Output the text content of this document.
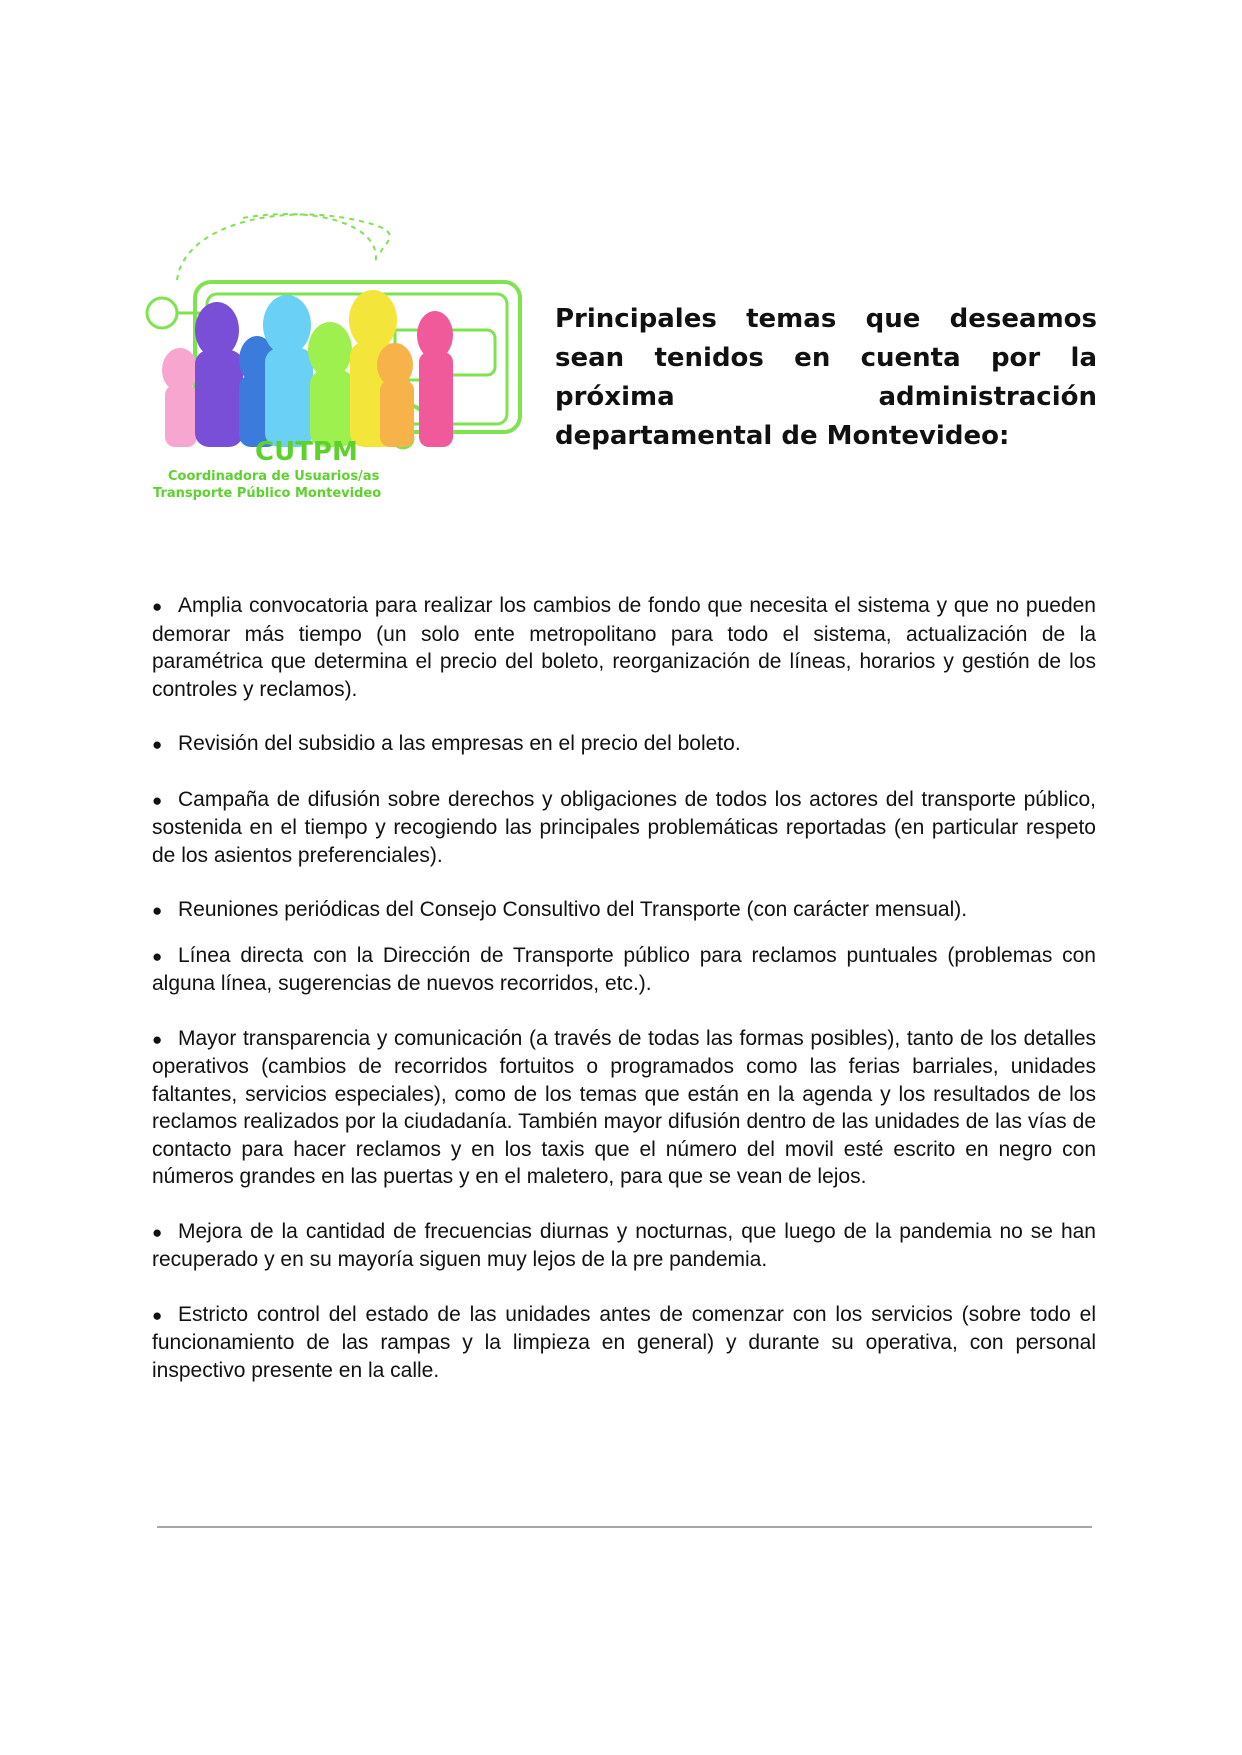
CUTPM
Coordinadora de Usuarios/as
Transporte Público Montevideo
Principales temas que deseamos sean tenidos en cuenta por la próxima administración departamental de Montevideo:

● Amplia convocatoria para realizar los cambios de fondo que necesita el sistema y que no pueden demorar más tiempo (un solo ente metropolitano para todo el sistema, actualización de la paramétrica que determina el precio del boleto, reorganización de líneas, horarios y gestión de los controles y reclamos).

● Revisión del subsidio a las empresas en el precio del boleto.

● Campaña de difusión sobre derechos y obligaciones de todos los actores del transporte público, sostenida en el tiempo y recogiendo las principales problemáticas reportadas (en particular respeto de los asientos preferenciales).

● Reuniones periódicas del Consejo Consultivo del Transporte (con carácter mensual).

● Línea directa con la Dirección de Transporte público para reclamos puntuales (problemas con alguna línea, sugerencias de nuevos recorridos, etc.).

● Mayor transparencia y comunicación (a través de todas las formas posibles), tanto de los detalles operativos (cambios de recorridos fortuitos o programados como las ferias barriales, unidades faltantes, servicios especiales), como de los temas que están en la agenda y los resultados de los reclamos realizados por la ciudadanía. También mayor difusión dentro de las unidades de las vías de contacto para hacer reclamos y en los taxis que el número del movil esté escrito en negro con números grandes en las puertas y en el maletero, para que se vean de lejos.

● Mejora de la cantidad de frecuencias diurnas y nocturnas, que luego de la pandemia no se han recuperado y en su mayoría siguen muy lejos de la pre pandemia.

● Estricto control del estado de las unidades antes de comenzar con los servicios (sobre todo el funcionamiento de las rampas y la limpieza en general) y durante su operativa, con personal inspectivo presente en la calle.
